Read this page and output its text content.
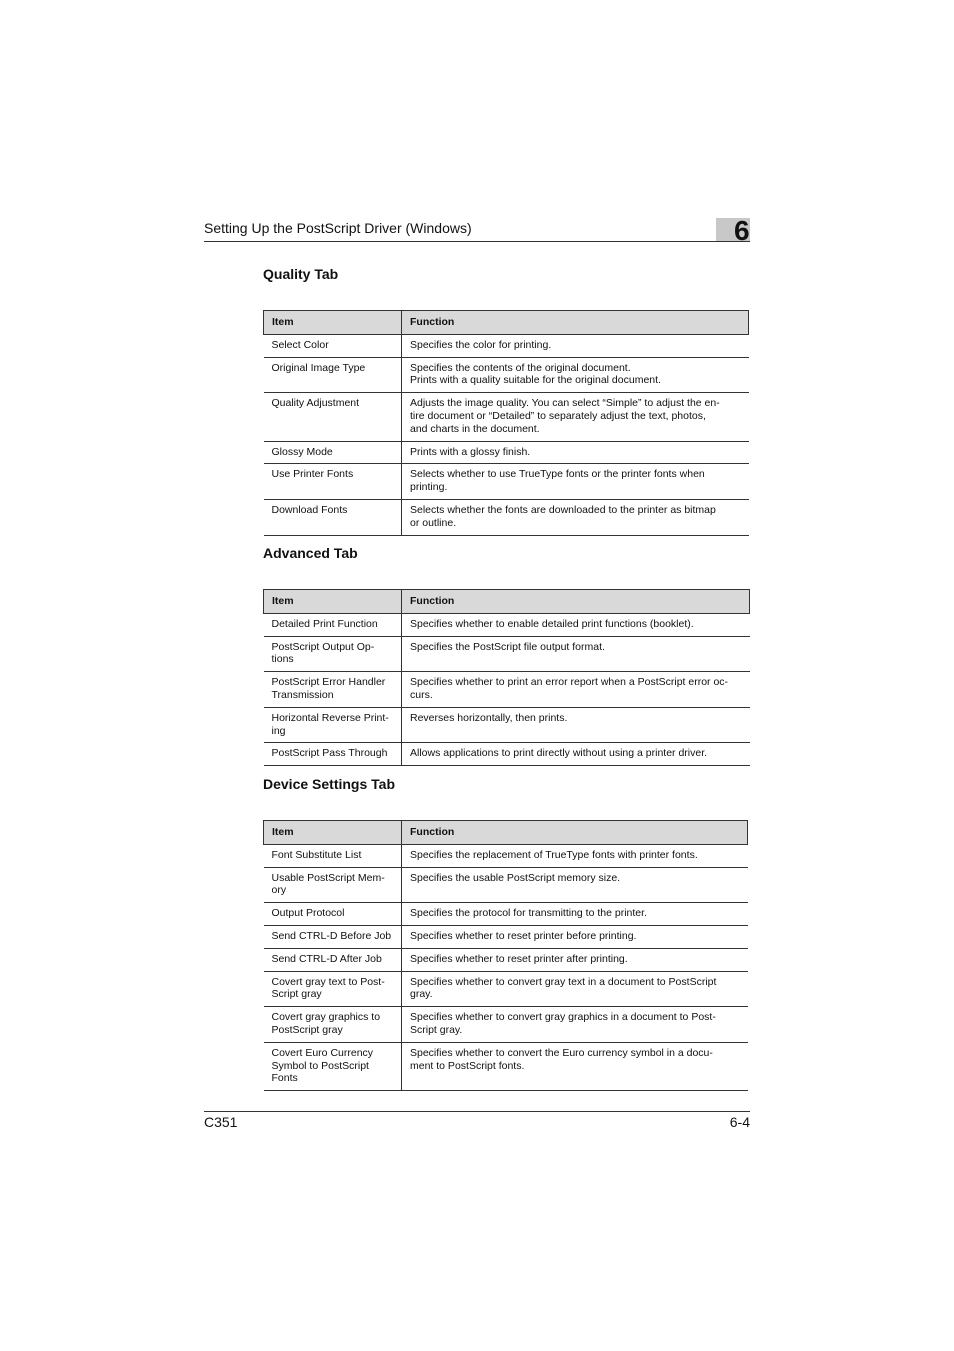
Setting Up the PostScript Driver (Windows)	6
Quality Tab
Item	Function
Select Color	Specifies the color for printing.
Original Image Type	Specifies the contents of the original document.
Prints with a quality suitable for the original document.
Quality Adjustment	Adjusts the image quality. You can select “Simple” to adjust the en-
tire document or “Detailed” to separately adjust the text, photos,
and charts in the document.
Glossy Mode	Prints with a glossy finish.
Use Printer Fonts	Selects whether to use TrueType fonts or the printer fonts when
printing.
Download Fonts	Selects whether the fonts are downloaded to the printer as bitmap
or outline.
Advanced Tab
Item	Function
Detailed Print Function	Specifies whether to enable detailed print functions (booklet).
PostScript Output Op-
tions	Specifies the PostScript file output format.
PostScript Error Handler
Transmission	Specifies whether to print an error report when a PostScript error oc-
curs.
Horizontal Reverse Print-
ing	Reverses horizontally, then prints.
PostScript Pass Through	Allows applications to print directly without using a printer driver.
Device Settings Tab
Item	Function
Font Substitute List	Specifies the replacement of TrueType fonts with printer fonts.
Usable PostScript Mem-
ory	Specifies the usable PostScript memory size.
Output Protocol	Specifies the protocol for transmitting to the printer.
Send CTRL-D Before Job	Specifies whether to reset printer before printing.
Send CTRL-D After Job	Specifies whether to reset printer after printing.
Covert gray text to Post-
Script gray	Specifies whether to convert gray text in a document to PostScript
gray.
Covert gray graphics to
PostScript gray	Specifies whether to convert gray graphics in a document to Post-
Script gray.
Covert Euro Currency
Symbol to PostScript
Fonts	Specifies whether to convert the Euro currency symbol in a docu-
ment to PostScript fonts.
C351	6-4
